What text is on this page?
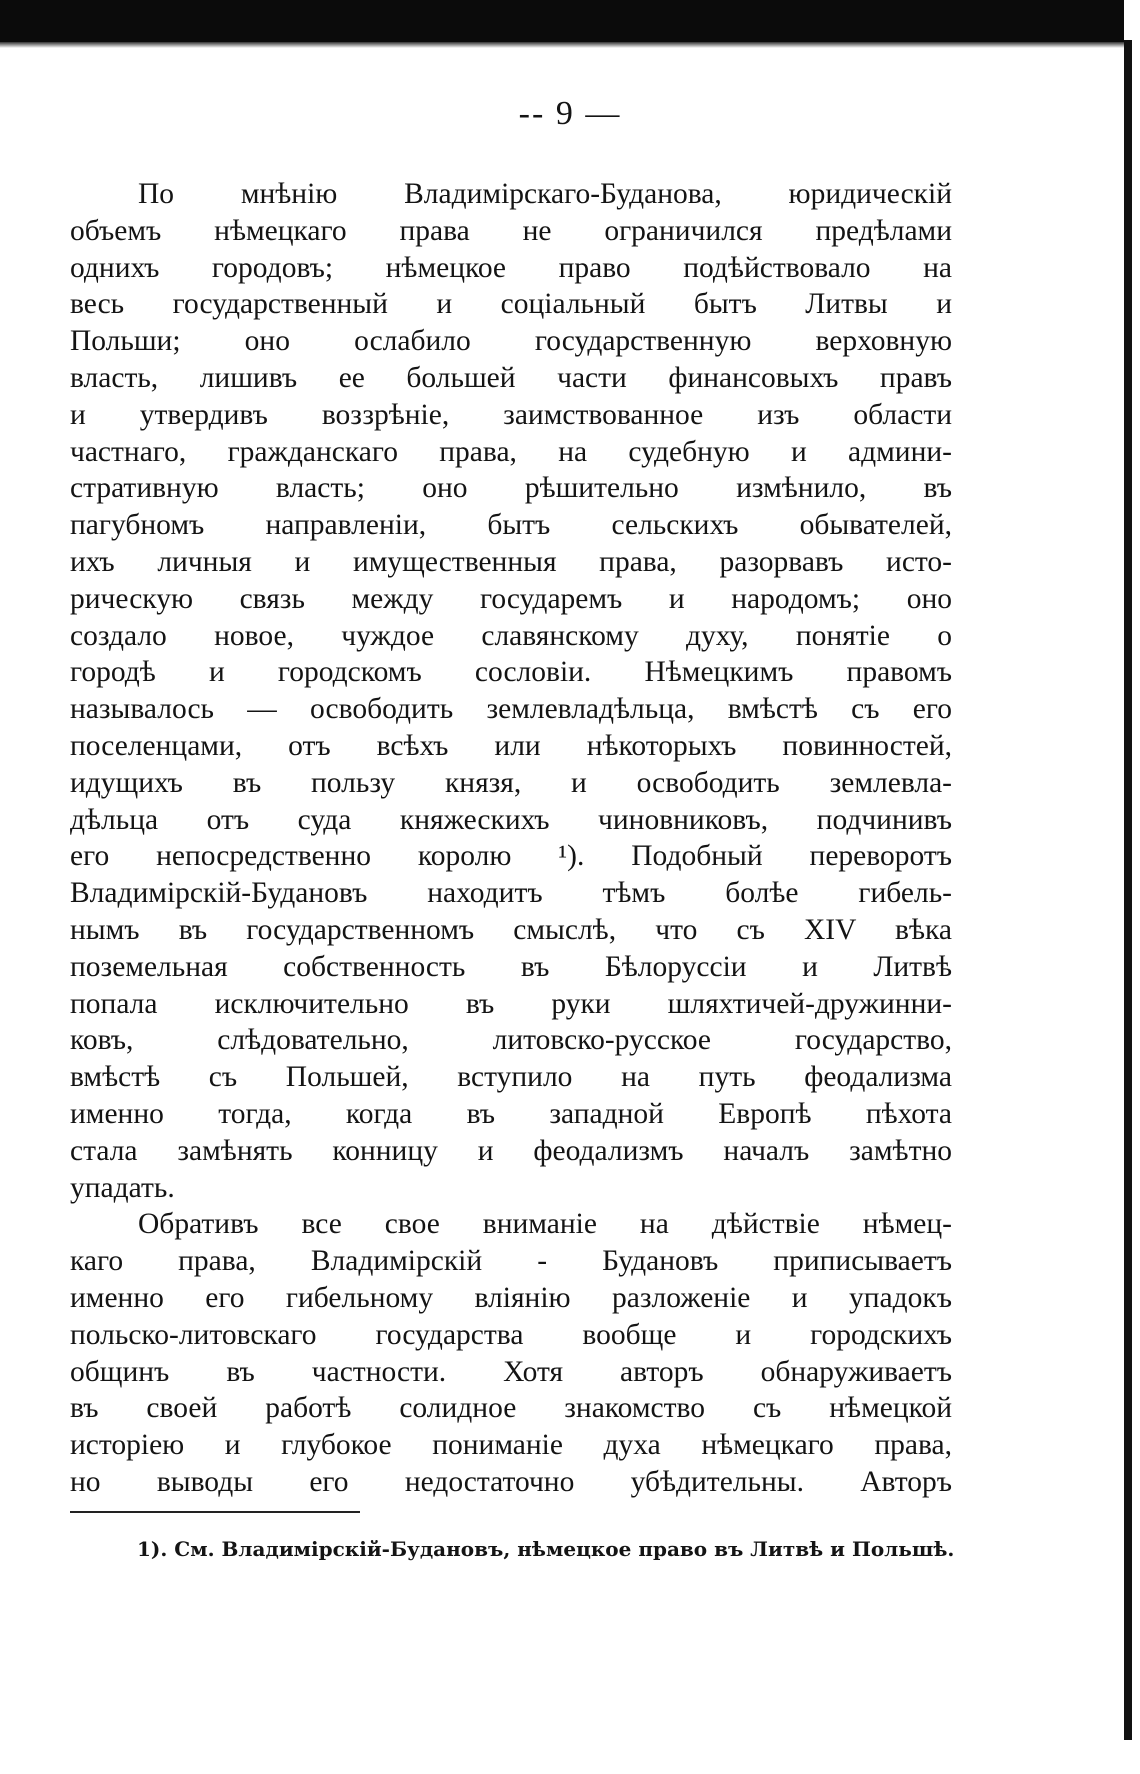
-- 9 —
По мнѣнію Владимірскаго-Буданова, юридическій
объемъ нѣмецкаго права не ограничился предѣлами
однихъ городовъ; нѣмецкое право подѣйствовало на
весь государственный и соціальный бытъ Литвы и
Польши; оно ослабило государственную верховную
власть, лишивъ ее большей части финансовыхъ правъ
и утвердивъ воззрѣніе, заимствованное изъ области
частнаго, гражданскаго права, на судебную и админи-
стративную власть; оно рѣшительно измѣнило, въ
пагубномъ направленіи, бытъ сельскихъ обывателей,
ихъ личныя и имущественныя права, разорвавъ исто-
рическую связь между государемъ и народомъ; оно
создало новое, чуждое славянскому духу, понятіе о
городѣ и городскомъ сословіи. Нѣмецкимъ правомъ
называлось — освободить землевладѣльца, вмѣстѣ съ его
поселенцами, отъ всѣхъ или нѣкоторыхъ повинностей,
идущихъ въ пользу князя, и освободить землевла-
дѣльца отъ суда княжескихъ чиновниковъ, подчинивъ
его непосредственно королю ¹). Подобный переворотъ
Владимірскій-Будановъ находитъ тѣмъ болѣе гибель-
нымъ въ государственномъ смыслѣ, что съ XIV вѣка
поземельная собственность въ Бѣлоруссіи и Литвѣ
попала исключительно въ руки шляхтичей-дружинни-
ковъ, слѣдовательно, литовско-русское государство,
вмѣстѣ съ Польшей, вступило на путь феодализма
именно тогда, когда въ западной Европѣ пѣхота
стала замѣнять конницу и феодализмъ началъ замѣтно
упадать.
Обративъ все свое вниманіе на дѣйствіе нѣмец-
каго права, Владимірскій - Будановъ приписываетъ
именно его гибельному вліянію разложеніе и упадокъ
польско-литовскаго государства вообще и городскихъ
общинъ въ частности. Хотя авторъ обнаруживаетъ
въ своей работѣ солидное знакомство съ нѣмецкой
исторіею и глубокое пониманіе духа нѣмецкаго права,
но выводы его недостаточно убѣдительны. Авторъ
1). См. Владимірскій-Будановъ, нѣмецкое право въ Литвѣ и Польшѣ.
